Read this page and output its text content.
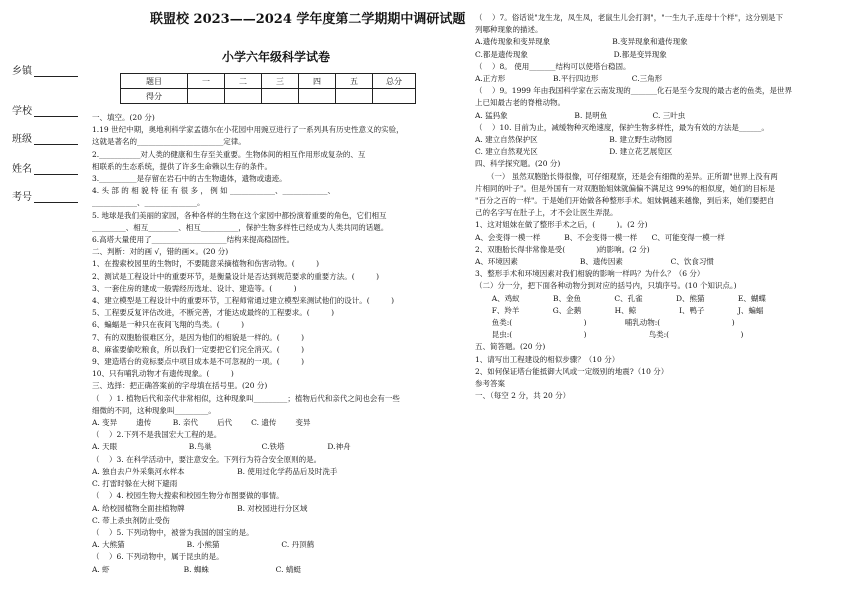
联盟校 2023——2024 学年度第二学期期中调研试题
小学六年级科学试卷
乡镇
学校
班级
姓名
考号
题目	一	二	三	四	五	总分
得分						

一、填空。(20 分)

1.19 世纪中期，奥地利科学家孟德尔在小花园中用豌豆进行了一系列具有历史性意义的实验，

这就是著名的_______________________定律。

2.___________对人类的健康和生存至关重要。生物体间的相互作用形成复杂的、互

相联系的生态系统，提供了许多生命赖以生存的条件。

3.__________是存留在岩石中的古生物遗体，遗物或遗迹。

4. 头 部 的 相 貌 特 征 有 很 多 ， 例 如 ____________、____________、

____________、______________。

5. 地球是我们美丽的家园，各种各样的生物在这个家园中都扮演着重要的角色，它们相互

_________、相互________、相互__________，保护生物多样性已经成为人类共同的话题。

6.高塔大量使用了____________________结构来提高稳固性。

二、判断：对的画 √，错的画×。(20 分)

1、在搜索校园里的生物时，不要随意采摘植物和伤害动物。(         )

2、测试是工程设计中的重要环节，是衡量设计是否达到规范要求的重要方法。(         )

3、一套住房的建成一般需经历选址、设计、建造等。(         )

4、建立模型是工程设计中的重要环节，工程师常通过建立模型来测试他们的设计。(         )

5、工程要反复评估改进，不断完善，才能达成最终的工程要求。(         )

6、蝙蝠是一种只在夜间飞翔的鸟类。(         )

7、有的双胞胎很难区分，是因为他们的相貌是一样的。(         )

8、麻雀要偷吃粮食，所以我们一定要把它们完全消灭。(         )

9、建造塔台的竞标要点中项目成本是不可忽视的一项。(         )

10、只有哺乳动物才有遗传现象。(         )

三、选择：把正确答案前的字母填在括号里。(20 分)

（    ）1. 植物后代和亲代非常相似，这种现象叫_________；植物后代和亲代之间也会有一些

细微的不同，这种现象叫_________。

A. 变异        遗传         B. 亲代        后代        C. 遗传        变异

（    ）2.下列不是我国宏大工程的是。

A. 天眼                              B.鸟巢                     C.铁塔                  D.神舟

（    ）3. 在科学活动中，要注意安全。下列行为符合安全原则的是。

A. 独自去户外采集河水样本                      B. 使用过化学药品后及时洗手

C. 打雷时躲在大树下避雨

（    ）4. 校园生物大搜索和校园生物分布图要做的事情。

A. 给校园植物全面挂植物牌                      B. 对校园进行分区域

C. 带上杀虫剂防止受伤

（    ）5. 下列动物中，被誉为我国的国宝的是。

A. 大熊猫                          B. 小熊猫                          C. 丹顶鹤

（    ）6. 下列动物中，属于昆虫的是。

A. 虾                               B. 蜘蛛                            C. 蜻蜓

（    ）7。俗话说"龙生龙，凤生凤，老鼠生儿会打洞"，"一生九子,连母十个样"，这分别是下

列哪种现象的描述。

A.遗传现象和变异现象                          B.变异现象和遗传现象

C.都是遗传现象                                    D.都是变异现象

（    ）8。 使用_______结构可以使塔台稳固。

A.正方形                    B.平行四边形              C.三角形

（    ）9。1999 年由我国科学家在云南发现的_______化石是至今发现的最古老的鱼类，是世界

上已知最古老的脊椎动物。

A. 猛犸象                            B. 昆明鱼                   C. 三叶虫

（    ）10. 目前为止，减缓物种灭绝速度，保护生物多样性，最为有效的方法是______。

A. 建立自然保护区                              B. 建立野生动物园

C. 建立自然观光区                              D. 建立花艺展览区

四、科学探究题。(20 分)

（一） 虽然双胞胎长得很像，可仔细观察，还是会有细微的差异。正所谓"世界上没有两

片相同的叶子"。但是外国有一对双胞胎姐妹就偏偏不满足这 99%的相似度，她们的目标是

"百分之百的一样"。于是她们开始做各种整形手术。姐妹俩越来越像，到后来，她们要把自

己的名字写在肚子上，才不会让医生弄混。

1、这对姐妹在做了整形手术之后，(         )。(2 分)

A、会变得一模一样          B、不会变得一模一样      C、可能变得一模一样

2、双胞胎长得非常像是受(             )的影响。(2 分)

A、环境因素                          B、遗传因素                    C、饮食习惯

3、整形手术和环境因素对我们相貌的影响一样吗？为什么？（6 分）

（二）分一分，把下面各种动物分到对应的括号内，只填序号。(10 个知识点。)

A、鸡蚁              B、金鱼              C、孔雀              D、熊猫              E、蝴蝶

F、羚羊              G、企鹅              H、鲸                  I、鸭子              J、蝙蝠

鱼类:(                              )                哺乳动物:(                              )

昆虫:(                              )                          鸟类:(                              )

五、简答题。(20 分)

1、请写出工程建设的相似步骤？（10 分）

2、如何保证塔台能抵御大风或一定级别的地震?（10 分）

参考答案

一、（每空 2 分，共 20 分）
